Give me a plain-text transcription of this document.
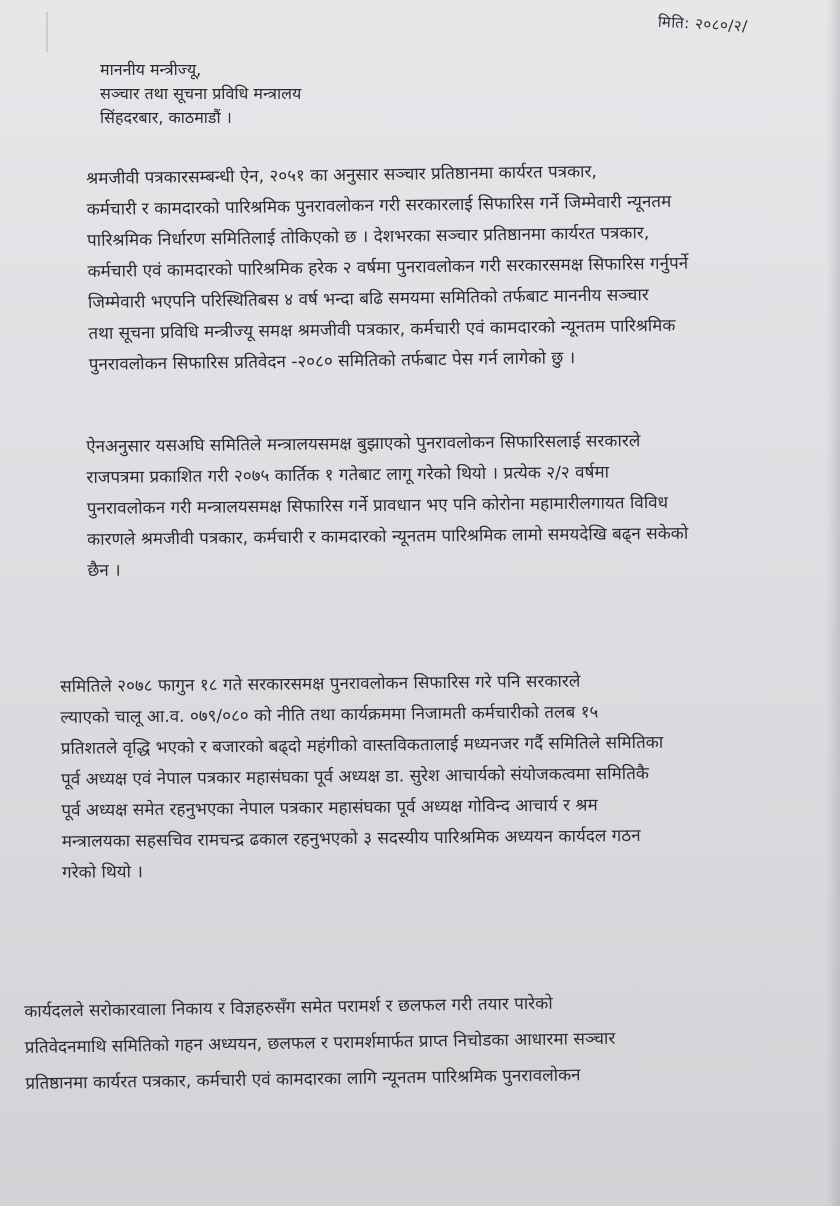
मिति: २०८०/२/
माननीय मन्त्रीज्यू,
सञ्चार तथा सूचना प्रविधि मन्त्रालय
सिंहदरबार, काठमाडौं ।
श्रमजीवी पत्रकारसम्बन्धी ऐन, २०५१ का अनुसार सञ्चार प्रतिष्ठानमा कार्यरत पत्रकार,
कर्मचारी र कामदारको पारिश्रमिक पुनरावलोकन गरी सरकारलाई सिफारिस गर्ने जिम्मेवारी न्यूनतम
पारिश्रमिक निर्धारण समितिलाई तोकिएको छ । देशभरका सञ्चार प्रतिष्ठानमा कार्यरत पत्रकार,
कर्मचारी एवं कामदारको पारिश्रमिक हरेक २ वर्षमा पुनरावलोकन गरी सरकारसमक्ष सिफारिस गर्नुपर्ने
जिम्मेवारी भएपनि परिस्थितिबस ४ वर्ष भन्दा बढि समयमा समितिको तर्फबाट माननीय सञ्चार
तथा सूचना प्रविधि मन्त्रीज्यू समक्ष श्रमजीवी पत्रकार, कर्मचारी एवं कामदारको न्यूनतम पारिश्रमिक
पुनरावलोकन सिफारिस प्रतिवेदन -२०८० समितिको तर्फबाट पेस गर्न लागेको छु ।
ऐनअनुसार यसअघि समितिले मन्त्रालयसमक्ष बुझाएको पुनरावलोकन सिफारिसलाई सरकारले
राजपत्रमा प्रकाशित गरी २०७५ कार्तिक १ गतेबाट लागू गरेको थियो । प्रत्येक २/२ वर्षमा
पुनरावलोकन गरी मन्त्रालयसमक्ष सिफारिस गर्ने प्रावधान भए पनि कोरोना महामारीलगायत विविध
कारणले श्रमजीवी पत्रकार, कर्मचारी र कामदारको न्यूनतम पारिश्रमिक लामो समयदेखि बढ्न सकेको
छैन ।
समितिले २०७८ फागुन १८ गते सरकारसमक्ष पुनरावलोकन सिफारिस गरे पनि सरकारले
ल्याएको चालू आ.व. ०७९/०८० को नीति तथा कार्यक्रममा निजामती कर्मचारीको तलब १५
प्रतिशतले वृद्धि भएको र बजारको बढ्दो महंगीको वास्तविकतालाई मध्यनजर गर्दै समितिले समितिका
पूर्व अध्यक्ष एवं नेपाल पत्रकार महासंघका पूर्व अध्यक्ष डा. सुरेश आचार्यको संयोजकत्वमा समितिकै
पूर्व अध्यक्ष समेत रहनुभएका नेपाल पत्रकार महासंघका पूर्व अध्यक्ष गोविन्द आचार्य र श्रम
मन्त्रालयका सहसचिव रामचन्द्र ढकाल रहनुभएको ३ सदस्यीय पारिश्रमिक अध्ययन कार्यदल गठन
गरेको थियो ।
कार्यदलले सरोकारवाला निकाय र विज्ञहरुसँग समेत परामर्श र छलफल गरी तयार पारेको
प्रतिवेदनमाथि समितिको गहन अध्ययन, छलफल र परामर्शमार्फत प्राप्त निचोडका आधारमा सञ्चार
प्रतिष्ठानमा कार्यरत पत्रकार, कर्मचारी एवं कामदारका लागि न्यूनतम पारिश्रमिक पुनरावलोकन
